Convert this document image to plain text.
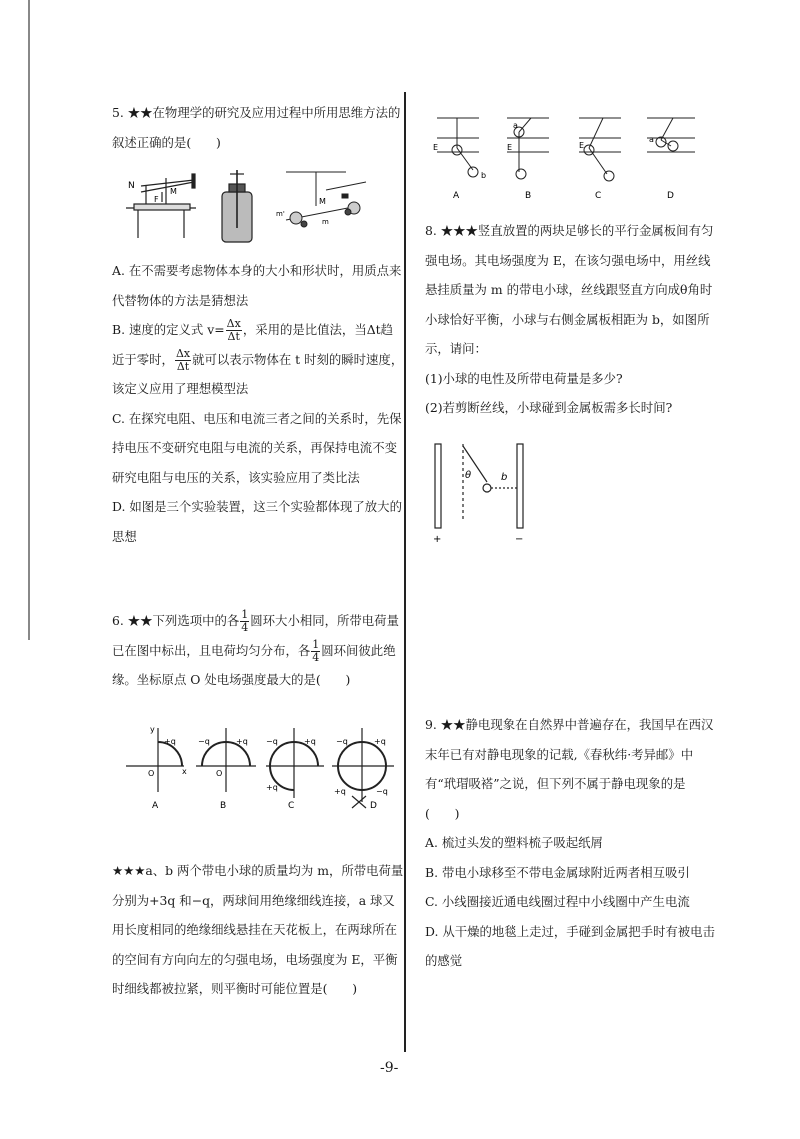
5. ★★在物理学的研究及应用过程中所用思维方法的叙述正确的是(　　)

N
M
F	M
m'
m

A. 在不需要考虑物体本身的大小和形状时，用质点来代替物体的方法是猜想法

B. 速度的定义式 $v= \frac{\Delta x}{\Delta t}$ ，采用的是比值法，当Δt趋近于零时， $\frac{\Delta x}{\Delta t}$ 就可以表示物体在 t 时刻的瞬时速度，该定义应用了理想模型法

C. 在探究电阻、电压和电流三者之间的关系时，先保持电压不变研究电阻与电流的关系，再保持电流不变研究电阻与电压的关系，该实验应用了类比法

D. 如图是三个实验装置，这三个实验都体现了放大的思想

6. ★★下列选项中的各 $\frac{1}{4}$ 圆环大小相同，所带电荷量已在图中标出，且电荷均匀分布，各 $\frac{1}{4}$ 圆环间彼此绝缘。坐标原点 O 处电场强度最大的是(　　)

y
x
O
+q
A
−q	+q
O
B
−q	+q
+q
C
−q	+q
+q	−q
D

★★★a、b 两个带电小球的质量均为 m，所带电荷量分别为+3q 和−q，两球间用绝缘细线连接，a 球又用长度相同的绝缘细线悬挂在天花板上，在两球所在的空间有方向向左的匀强电场，电场强度为 E，平衡时细线都被拉紧，则平衡时可能位置是(　　)

E
b
a
E	E
a
A	B	C	D

8. ★★★竖直放置的两块足够长的平行金属板间有匀强电场。其电场强度为 E，在该匀强电场中，用丝线悬挂质量为 m 的带电小球，丝线跟竖直方向成θ角时小球恰好平衡，小球与右侧金属板相距为 b，如图所示，请问：

(1)小球的电性及所带电荷量是多少?

(2)若剪断丝线，小球碰到金属板需多长时间?

θ	b
+	−

9. ★★静电现象在自然界中普遍存在，我国早在西汉末年已有对静电现象的记载,《春秋纬·考异邮》中有“玳瑁吸褡”之说，但下列不属于静电现象的是(　　)

A. 梳过头发的塑料梳子吸起纸屑

B. 带电小球移至不带电金属球附近两者相互吸引

C. 小线圈接近通电线圈过程中小线圈中产生电流

D. 从干燥的地毯上走过，手碰到金属把手时有被电击的感觉

-9-
